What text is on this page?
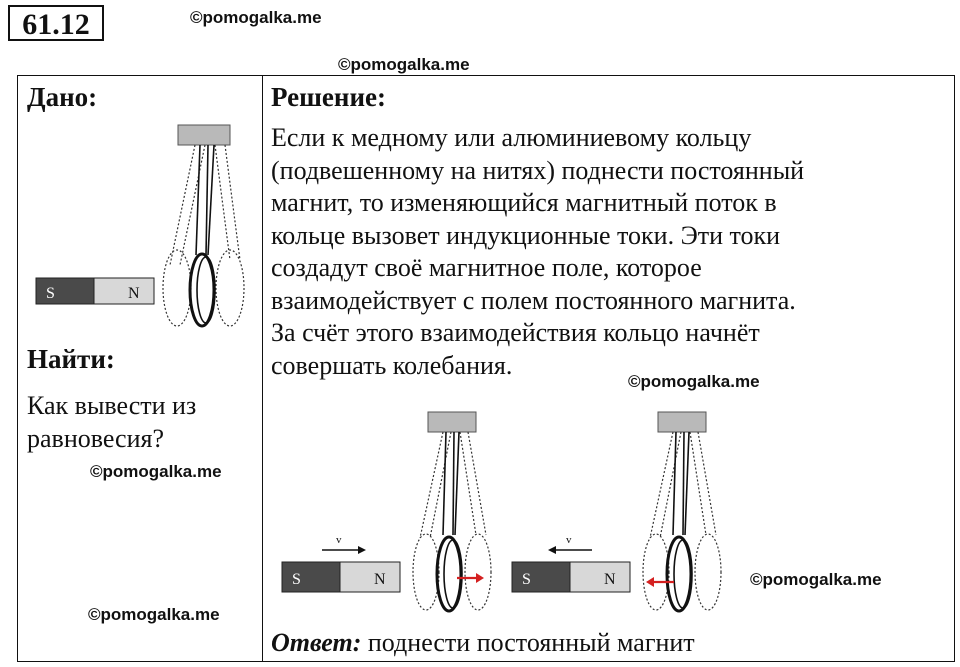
61.12	©pomogalka.me
©pomogalka.me
©pomogalka.me
©pomogalka.me
©pomogalka.me
©pomogalka.me
Дано:
S	N
Найти:
Как вывести из равновесия?
Решение:
Если к медному или алюминиевому кольцу
(подвешенному на нитях) поднести постоянный
магнит, то изменяющийся магнитный поток в
кольце вызовет индукционные токи. Эти токи
создадут своё магнитное поле, которое
взаимодействует с полем постоянного магнита.
За счёт этого взаимодействия кольцо начнёт
совершать колебания.
v
S	N
v
S	N
Ответ: поднести постоянный магнит
